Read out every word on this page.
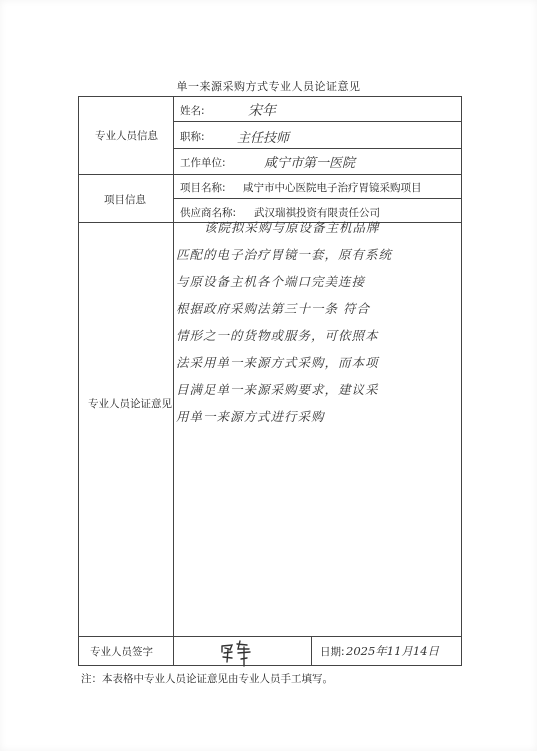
单一来源采购方式专业人员论证意见
专业人员信息
项目信息
专业人员论证意见
专业人员签字
姓名:
职称:
工作单位:
项目名称: 咸宁市中心医院电子治疗胃镜采购项目
供应商名称: 武汉瑞祺投资有限责任公司
日期:
宋年
主任技师
咸宁市第一医院
2025年11月14日
该院拟采购与原设备主机品牌
匹配的电子治疗胃镜一套，原有系统
与原设备主机各个端口完美连接
根据政府采购法第三十一条 符合
情形之一的货物或服务，可依照本
法采用单一来源方式采购，而本项
目满足单一来源采购要求，建议采
用单一来源方式进行采购
注：本表格中专业人员论证意见由专业人员手工填写。
